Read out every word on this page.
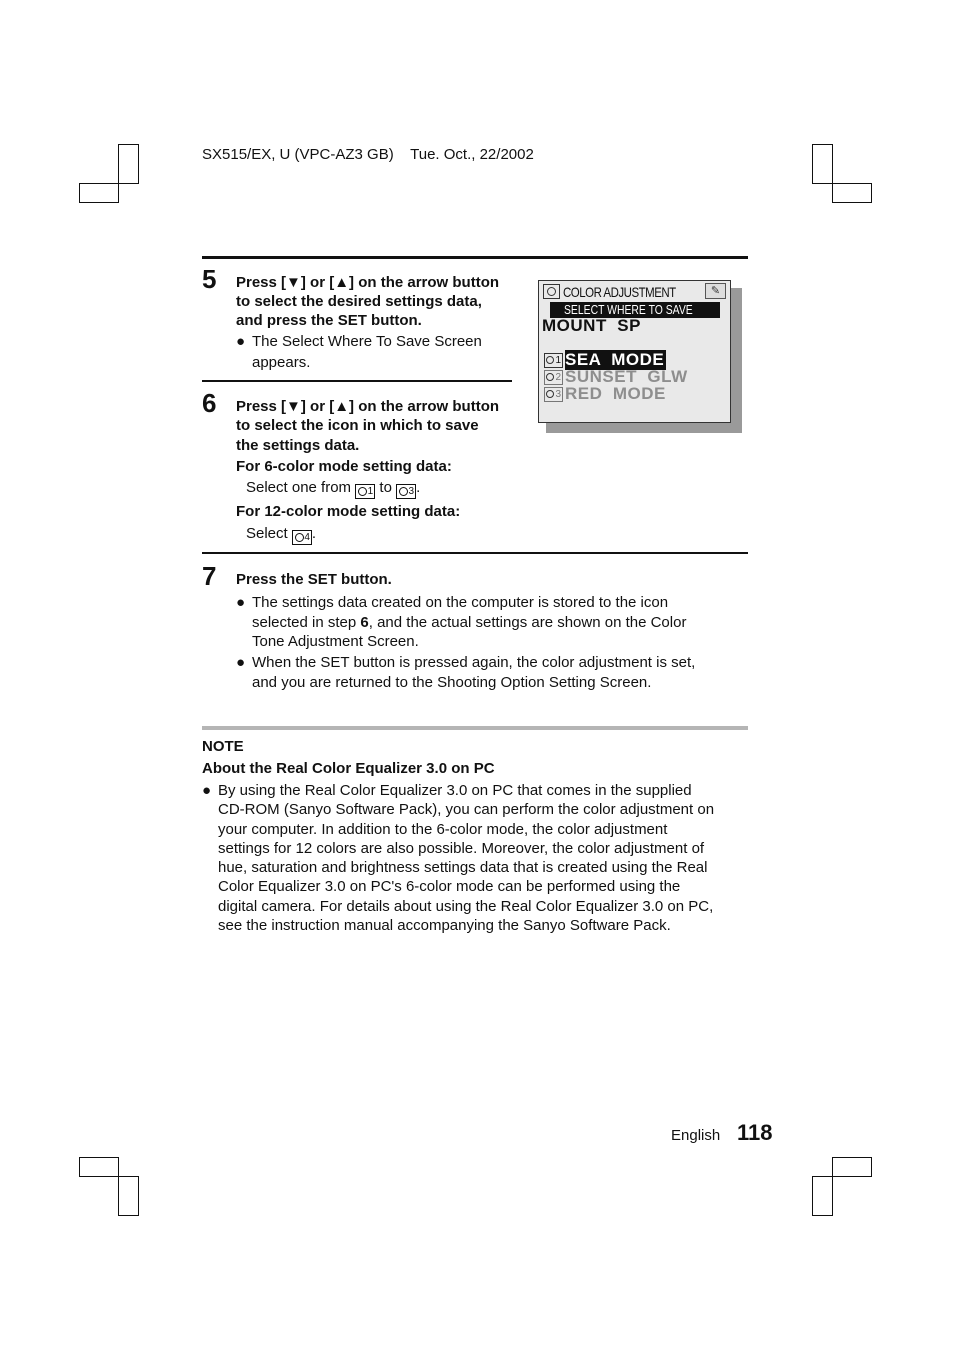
SX515/EX, U (VPC-AZ3 GB)    Tue. Oct., 22/2002
5 Press [▼] or [▲] on the arrow button
to select the desired settings data,
and press the SET button.
● The Select Where To Save Screen
appears.
6 Press [▼] or [▲] on the arrow button
to select the icon in which to save
the settings data.
For 6-color mode setting data:
Select one from 1 to 3 .
For 12-color mode setting data:
Select 4 .
COLOR ADJUSTMENT	✎
SELECT WHERE TO SAVE
MOUNT  SP
1 SEA  MODE
2 SUNSET  GLW
3 RED  MODE
7 Press the SET button.
● The settings data created on the computer is stored to the icon
selected in step 6, and the actual settings are shown on the Color
Tone Adjustment Screen.
● When the SET button is pressed again, the color adjustment is set,
and you are returned to the Shooting Option Setting Screen.
NOTE
About the Real Color Equalizer 3.0 on PC
● By using the Real Color Equalizer 3.0 on PC that comes in the supplied
CD-ROM (Sanyo Software Pack), you can perform the color adjustment on
your computer. In addition to the 6-color mode, the color adjustment
settings for 12 colors are also possible. Moreover, the color adjustment of
hue, saturation and brightness settings data that is created using the Real
Color Equalizer 3.0 on PC's 6-color mode can be performed using the
digital camera. For details about using the Real Color Equalizer 3.0 on PC,
see the instruction manual accompanying the Sanyo Software Pack.
English 118
